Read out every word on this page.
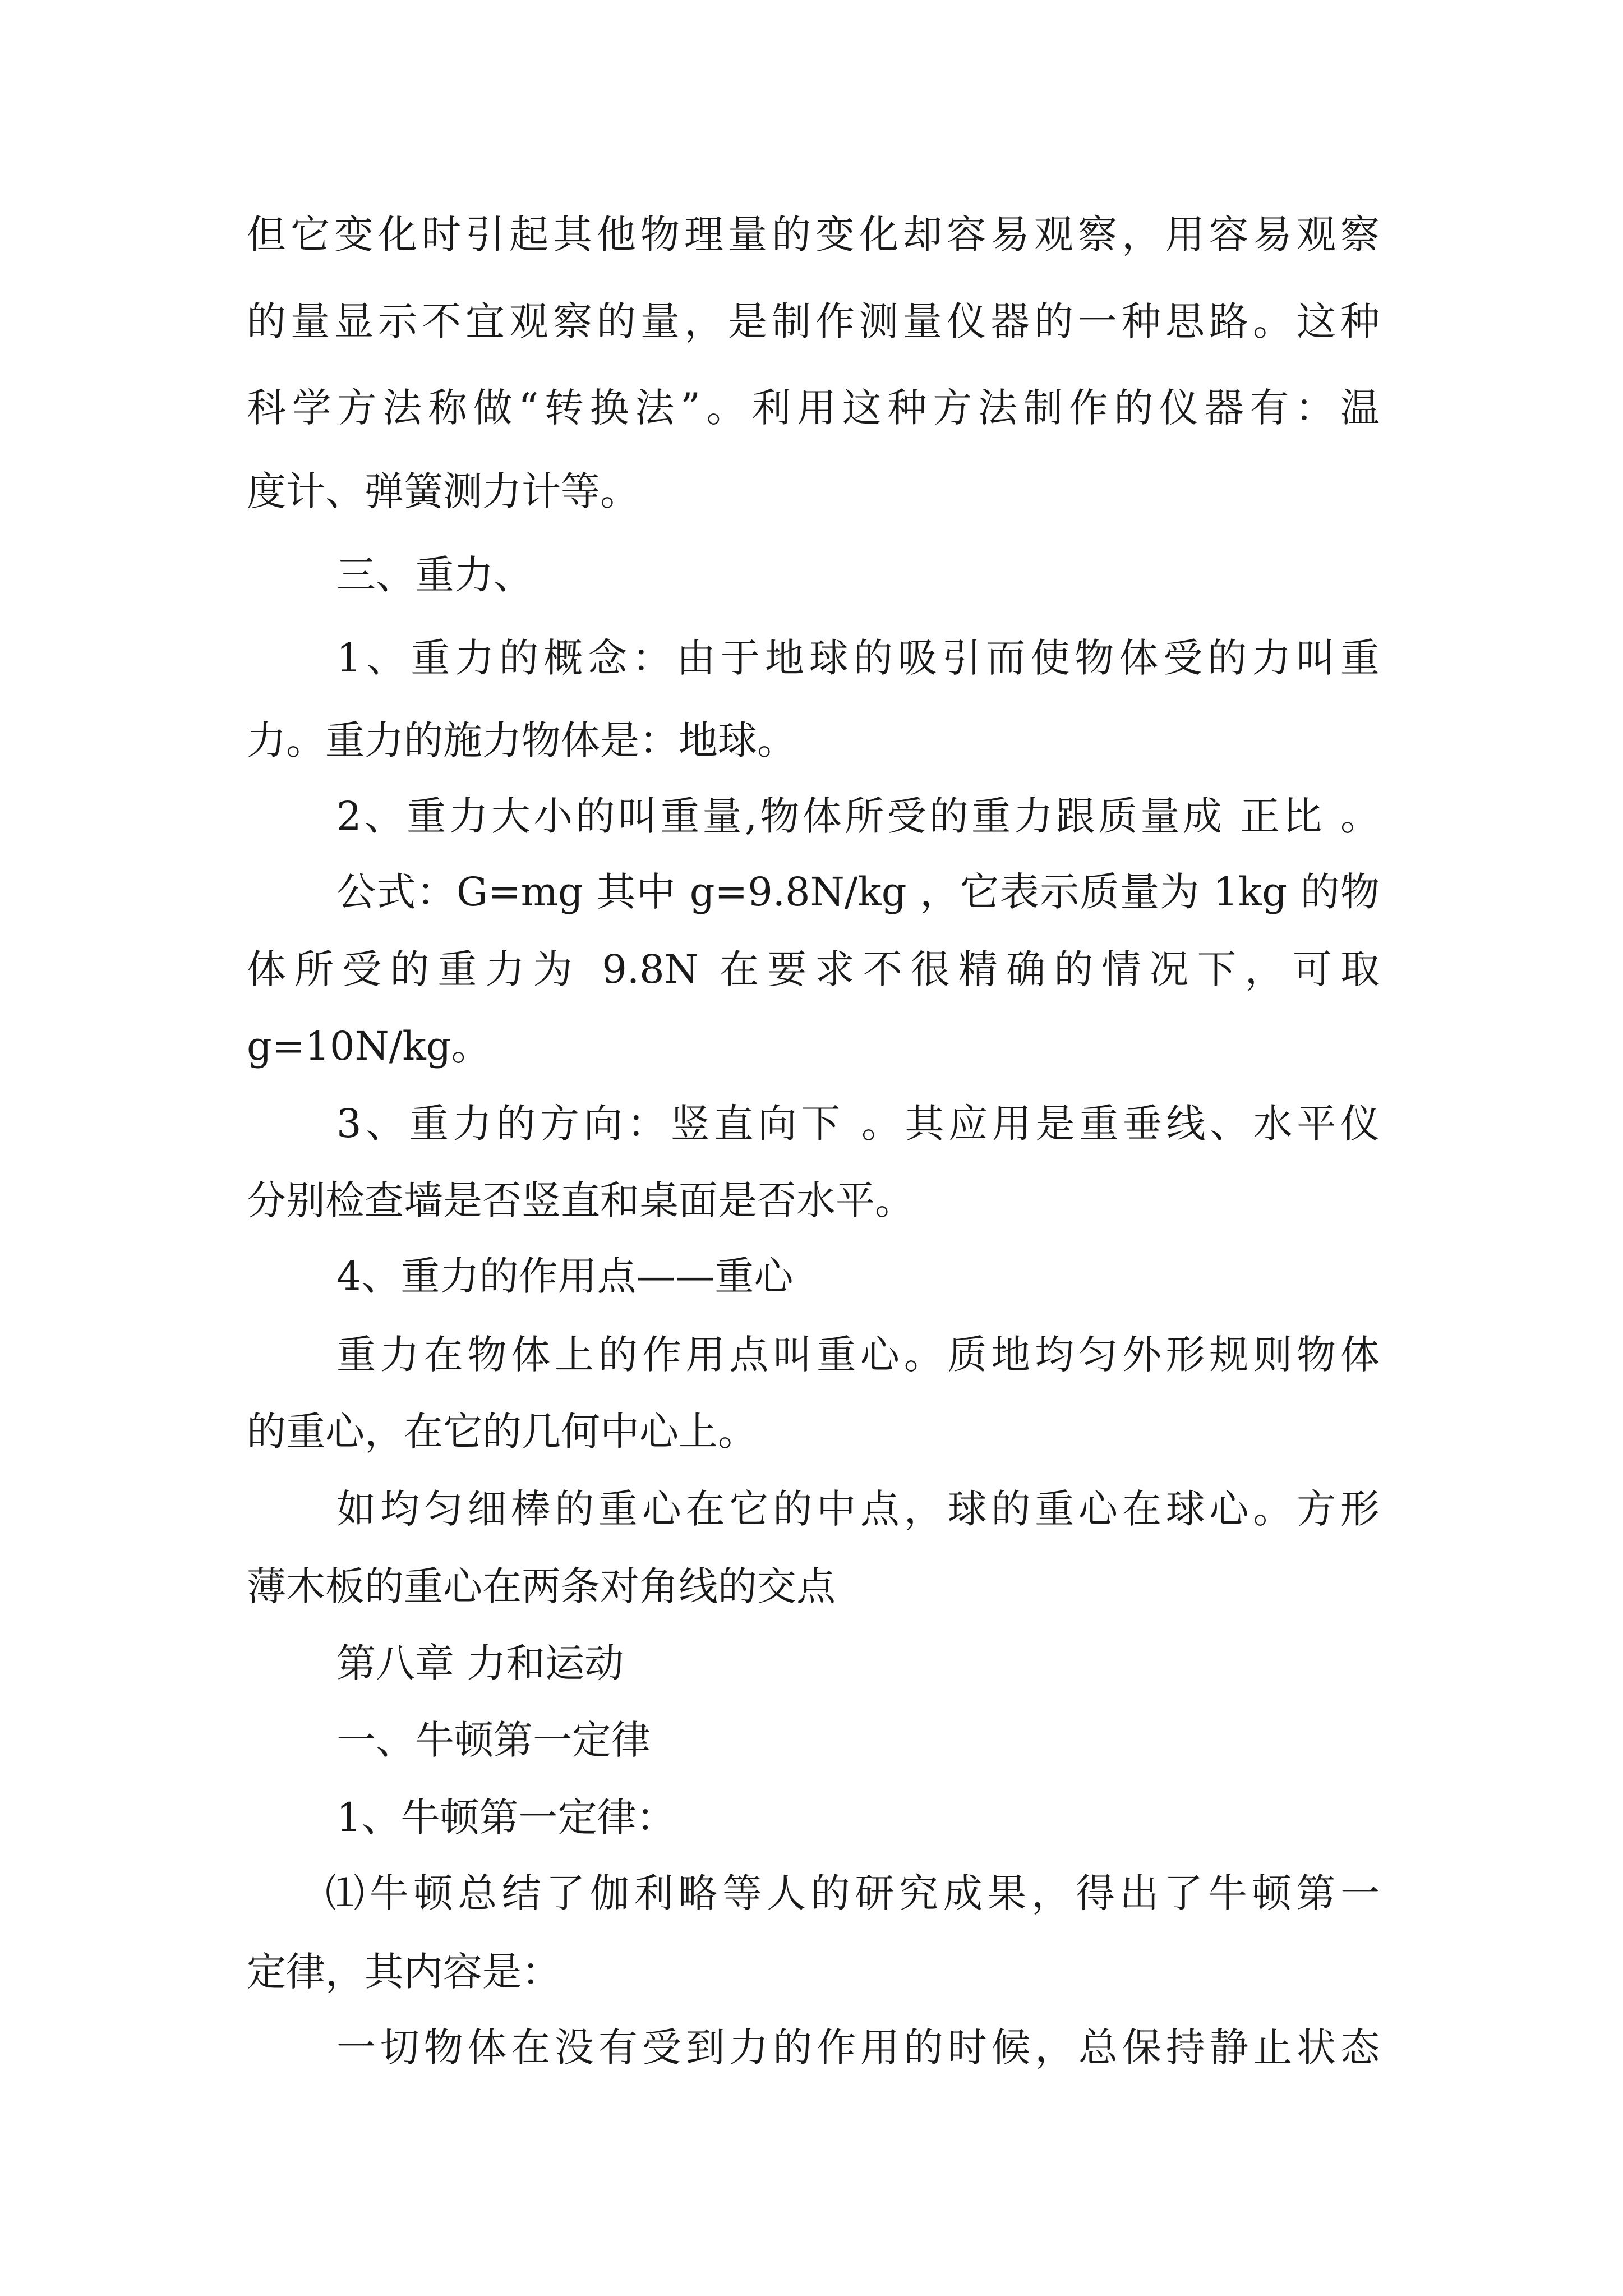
但它变化时引起其他物理量的变化却容易观察，用容易观察
的量显示不宜观察的量，是制作测量仪器的一种思路。这种
科学方法称做“转换法”。利用这种方法制作的仪器有：温
度计、弹簧测力计等。
三、重力、
1、重力的概念：由于地球的吸引而使物体受的力叫重
力。重力的施力物体是：地球。
2、重力大小的叫重量,物体所受的重力跟质量成 正比 。
公式：G=mg 其中 g=9.8N/kg ，它表示质量为 1kg 的物
体所受的重力为 9.8N 在要求不很精确的情况下，可取
g=10N/kg。
3、重力的方向：竖直向下 。其应用是重垂线、水平仪
分别检查墙是否竖直和桌面是否水平。
4、重力的作用点——重心
重力在物体上的作用点叫重心。质地均匀外形规则物体
的重心，在它的几何中心上。
如均匀细棒的重心在它的中点，球的重心在球心。方形
薄木板的重心在两条对角线的交点
第八章 力和运动
一、牛顿第一定律
1、牛顿第一定律：
⑴牛顿总结了伽利略等人的研究成果，得出了牛顿第一
定律，其内容是：
一切物体在没有受到力的作用的时候，总保持静止状态
